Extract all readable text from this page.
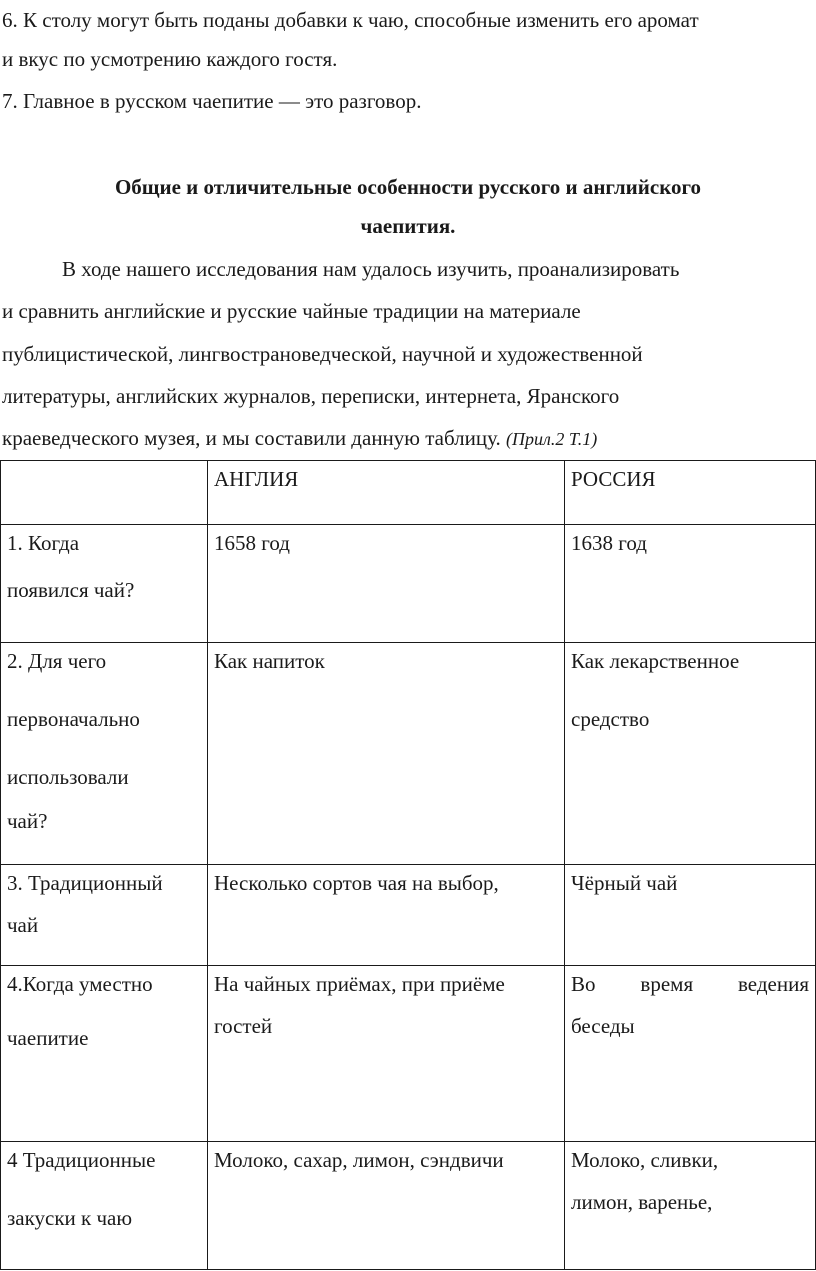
6. К столу могут быть поданы добавки к чаю, способные изменить его аромат
и вкус по усмотрению каждого гостя.
7. Главное в русском чаепитие — это разговор.
Общие и отличительные особенности русского и английского
чаепития.
В ходе нашего исследования нам удалось изучить, проанализировать
и сравнить английские и русские чайные традиции на материале
публицистической, лингвострановедческой, научной и художественной
литературы, английских журналов, переписки, интернета, Яранского
краеведческого музея, и мы составили данную таблицу. (Прил.2 Т.1)
	АНГЛИЯ	РОССИЯ

1. Когда
появился чай?	1658 год	1638 год

2. Для чего
первоначально
использовали
чай?	Как напиток	Как лекарственное
средство

3. Традиционный
чай	Несколько сортов чая на выбор,	Чёрный чай

4.Когда уместно
чаепитие	На чайных приёмах, при приёме
гостей	Во время ведения
беседы

4 Традиционные
закуски к чаю	Молоко, сахар, лимон, сэндвичи	Молоко, сливки,
лимон, варенье,
